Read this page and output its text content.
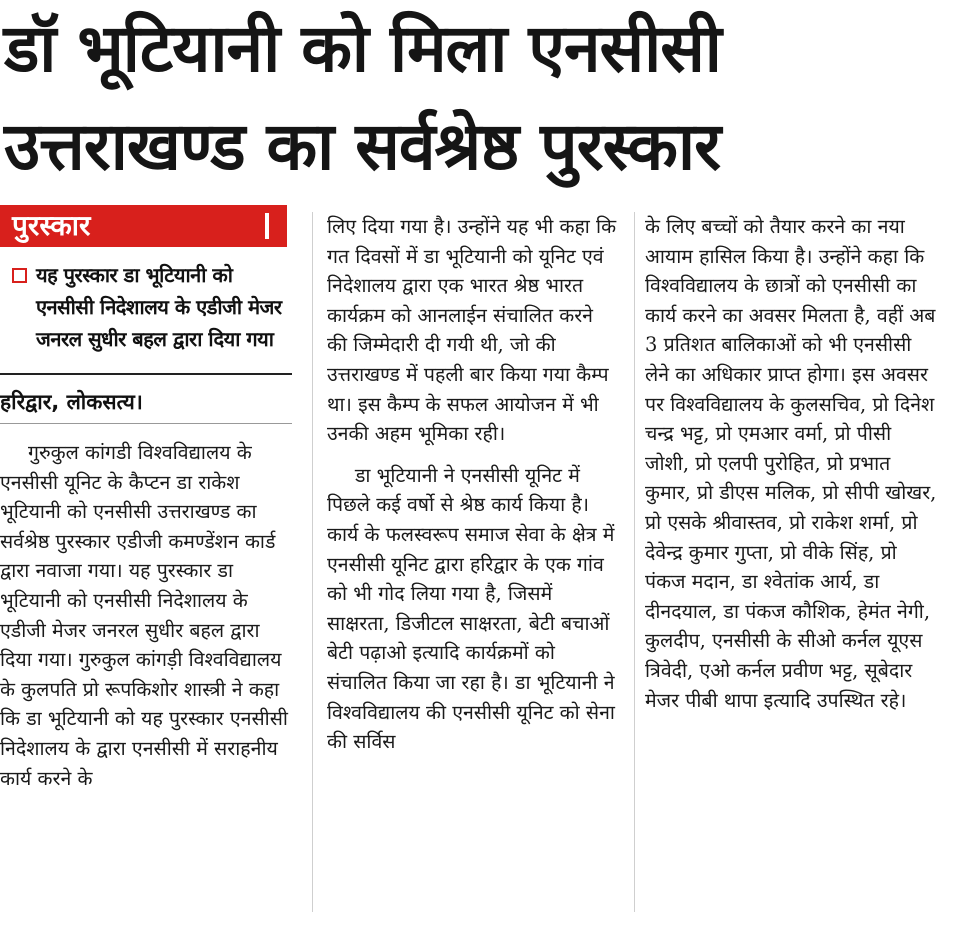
डॉ भूटियानी को मिला एनसीसी
उत्तराखण्ड का सर्वश्रेष्ठ पुरस्कार
पुरस्कार
यह पुरस्कार डा भूटियानी को एनसीसी निदेशालय के एडीजी मेजर जनरल सुधीर बहल द्वारा दिया गया
हरिद्वार, लोकसत्य।

गुरुकुल कांगडी विश्वविद्यालय के एनसीसी यूनिट के कैप्टन डा राकेश भूटियानी को एनसीसी उत्तराखण्ड का सर्वश्रेष्ठ पुरस्कार एडीजी कमण्डेंशन कार्ड द्वारा नवाजा गया। यह पुरस्कार डा भूटियानी को एनसीसी निदेशालय के एडीजी मेजर जनरल सुधीर बहल द्वारा दिया गया। गुरुकुल कांगड़ी विश्वविद्यालय के कुलपति प्रो रूपकिशोर शास्त्री ने कहा कि डा भूटियानी को यह पुरस्कार एनसीसी निदेशालय के द्वारा एनसीसी में सराहनीय कार्य करने के

लिए दिया गया है। उन्होंने यह भी कहा कि गत दिवसों में डा भूटियानी को यूनिट एवं निदेशालय द्वारा एक भारत श्रेष्ठ भारत कार्यक्रम को आनलाईन संचालित करने की जिम्मेदारी दी गयी थी, जो की उत्तराखण्ड में पहली बार किया गया कैम्प था। इस कैम्प के सफल आयोजन में भी उनकी अहम भूमिका रही।

डा भूटियानी ने एनसीसी यूनिट में पिछले कई वर्षो से श्रेष्ठ कार्य किया है। कार्य के फलस्वरूप समाज सेवा के क्षेत्र में एनसीसी यूनिट द्वारा हरिद्वार के एक गांव को भी गोद लिया गया है, जिसमें साक्षरता, डिजीटल साक्षरता, बेटी बचाओं बेटी पढ़ाओ इत्यादि कार्यक्रमों को संचालित किया जा रहा है। डा भूटियानी ने विश्वविद्यालय की एनसीसी यूनिट को सेना की सर्विस

के लिए बच्चों को तैयार करने का नया आयाम हासिल किया है। उन्होंने कहा कि विश्वविद्यालय के छात्रों को एनसीसी का कार्य करने का अवसर मिलता है, वहीं अब 3 प्रतिशत बालिकाओं को भी एनसीसी लेने का अधिकार प्राप्त होगा। इस अवसर पर विश्वविद्यालय के कुलसचिव, प्रो दिनेश चन्द्र भट्ट, प्रो एमआर वर्मा, प्रो पीसी जोशी, प्रो एलपी पुरोहित, प्रो प्रभात कुमार, प्रो डीएस मलिक, प्रो सीपी खोखर, प्रो एसके श्रीवास्तव, प्रो राकेश शर्मा, प्रो देवेन्द्र कुमार गुप्ता, प्रो वीके सिंह, प्रो पंकज मदान, डा श्वेतांक आर्य, डा दीनदयाल, डा पंकज कौशिक, हेमंत नेगी, कुलदीप, एनसीसी के सीओ कर्नल यूएस त्रिवेदी, एओ कर्नल प्रवीण भट्ट, सूबेदार मेजर पीबी थापा इत्यादि उपस्थित रहे।
